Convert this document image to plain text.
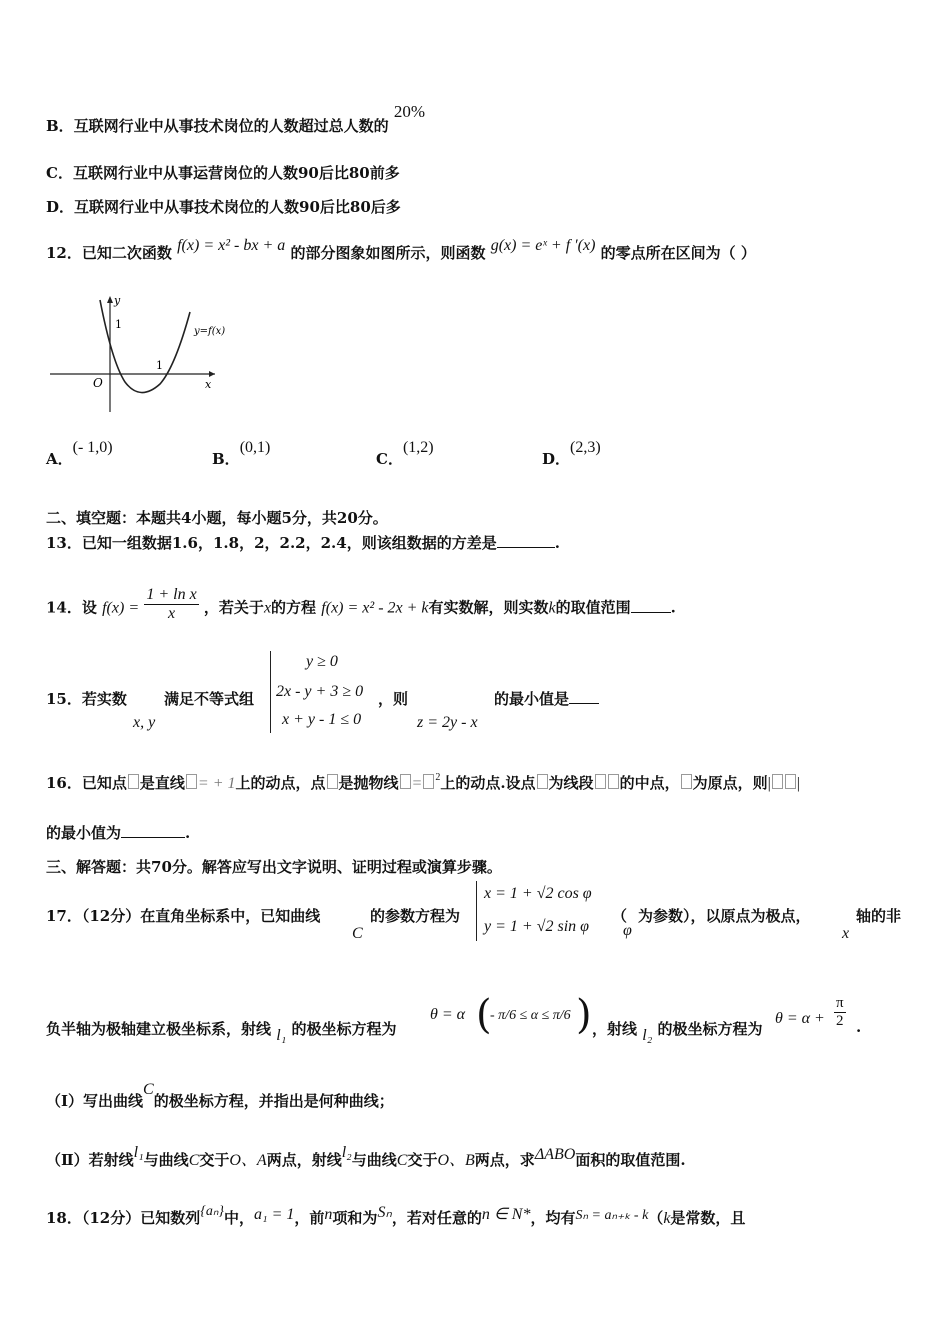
B．互联网行业中从事技术岗位的人数超过总人数的 20%
C．互联网行业中从事运营岗位的人数90后比80前多
D．互联网行业中从事技术岗位的人数90后比80后多
12．已知二次函数 f(x) = x² - bx + a 的部分图象如图所示，则函数 g(x) = eˣ + f ′(x) 的零点所在区间为（ ）
y
x
O
1
1
y=f(x)
A．(- 1,0)
B．(0,1)
C．(1,2)
D．(2,3)
二、填空题：本题共4小题，每小题5分，共20分。
13．已知一组数据1.6，1.8，2，2.2，2.4，则该组数据的方差是	.
14．设 $f(x) = \frac{\text{1 + ln x}}{x}$ ，若关于x的方程 f(x) = x² - 2x + k有实数解，则实数k的取值范围	.
15．若实数
x, y
满足不等式组
y ≥ 0
2x - y + 3 ≥ 0
x + y - 1 ≤ 0
，则
z = 2y - x
的最小值是
16．已知点 是直线 = + 1上的动点，点 是抛物线 = $^2$上的动点.设点 为线段 的中点， 为原点，则| |
的最小值为	.
三、解答题：共70分。解答应写出文字说明、证明过程或演算步骤。
17．（12分）在直角坐标系中，已知曲线
C
的参数方程为
x = 1 + √2 cos φ
y = 1 + √2 sin φ
（
φ
为参数），以原点为极点，
x
轴的非
负半轴为极轴建立极坐标系，射线 l₁ 的极坐标方程为
θ = α (
- π/6 ≤ α ≤ π/6 ) ，射线 l₂ 的极坐标方程为
$\theta = \alpha + \frac{\pi}{2}$ .
（Ⅰ）写出曲线C的极坐标方程，并指出是何种曲线；
（Ⅱ）若射线l₁与曲线C交于O、A两点，射线l₂与曲线C交于O、B两点，求ΔABO面积的取值范围.
18．（12分）已知数列{aₙ}中，a₁ = 1，前n项和为Sₙ，若对任意的n ∈ N*，均有Sₙ = aₙ₊ₖ - k（k是常数，且
